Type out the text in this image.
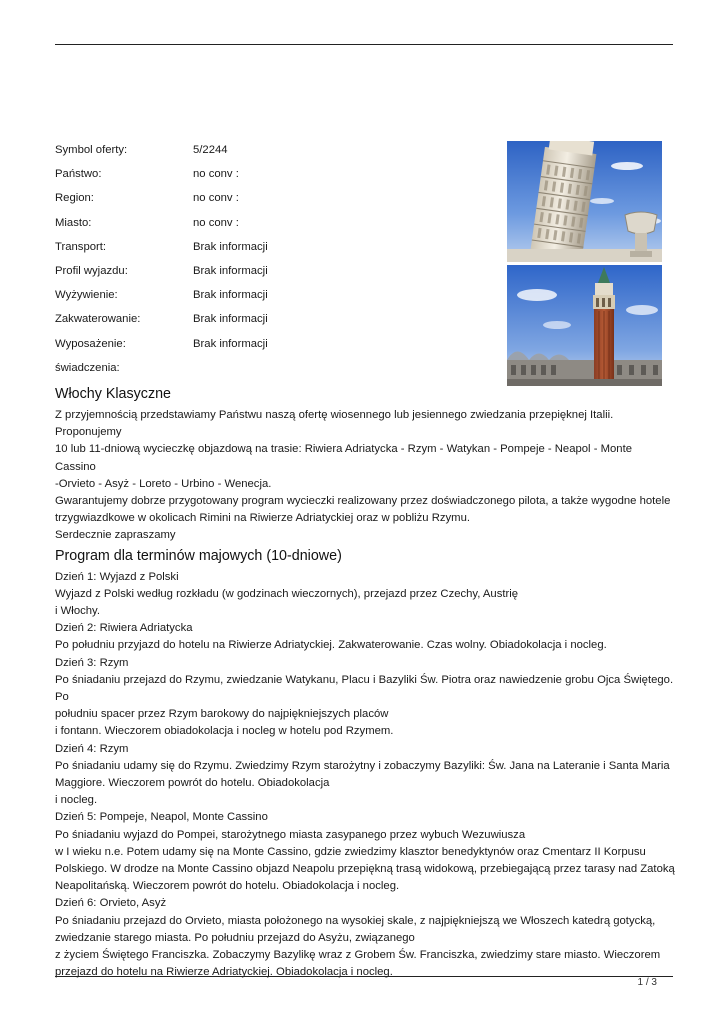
Symbol oferty:	5/2244
Państwo:	no conv :
Region:	no conv :
Miasto:	no conv :
Transport:	Brak informacji
Profil wyjazdu:	Brak informacji
Wyżywienie:	Brak informacji
Zakwaterowanie:	Brak informacji
Wyposażenie:	Brak informacji
świadczenia:
Włochy Klasyczne

Z przyjemnością przedstawiamy Państwu naszą ofertę wiosennego lub jesiennego zwiedzania przepięknej Italii. Proponujemy
10 lub 11-dniową wycieczkę objazdową na trasie: Riwiera Adriatycka - Rzym - Watykan - Pompeje - Neapol - Monte Cassino
-Orvieto - Asyż - Loreto - Urbino - Wenecja.

Gwarantujemy dobrze przygotowany program wycieczki realizowany przez doświadczonego pilota, a także wygodne hotele
trzygwiazdkowe w okolicach Rimini na Riwierze Adriatyckiej oraz w pobliżu Rzymu.

Serdecznie zapraszamy

Program dla terminów majowych (10-dniowe)

Dzień 1: Wyjazd z Polski

Wyjazd z Polski według rozkładu (w godzinach wieczornych), przejazd przez Czechy, Austrię
i Włochy.

Dzień 2: Riwiera Adriatycka

Po południu przyjazd do hotelu na Riwierze Adriatyckiej. Zakwaterowanie. Czas wolny. Obiadokolacja i nocleg.

Dzień 3: Rzym

Po śniadaniu przejazd do Rzymu, zwiedzanie Watykanu, Placu i Bazyliki Św. Piotra oraz nawiedzenie grobu Ojca Świętego. Po
południu spacer przez Rzym barokowy do najpiękniejszych placów
i fontann. Wieczorem obiadokolacja i nocleg w hotelu pod Rzymem.

Dzień 4: Rzym

Po śniadaniu udamy się do Rzymu. Zwiedzimy Rzym starożytny i zobaczymy Bazyliki: Św. Jana na Lateranie i Santa Maria
Maggiore. Wieczorem powrót do hotelu. Obiadokolacja
i nocleg.

Dzień 5: Pompeje, Neapol, Monte Cassino

Po śniadaniu wyjazd do Pompei, starożytnego miasta zasypanego przez wybuch Wezuwiusza
w I wieku n.e. Potem udamy się na Monte Cassino, gdzie zwiedzimy klasztor benedyktynów oraz Cmentarz II Korpusu
Polskiego. W drodze na Monte Cassino objazd Neapolu przepiękną trasą widokową, przebiegającą przez tarasy nad Zatoką
Neapolitańską. Wieczorem powrót do hotelu. Obiadokolacja i nocleg.

Dzień 6: Orvieto, Asyż

Po śniadaniu przejazd do Orvieto, miasta położonego na wysokiej skale, z najpiękniejszą we Włoszech katedrą gotycką,
zwiedzanie starego miasta. Po południu przejazd do Asyżu, związanego
z życiem Świętego Franciszka. Zobaczymy Bazylikę wraz z Grobem Św. Franciszka, zwiedzimy stare miasto. Wieczorem
przejazd do hotelu na Riwierze Adriatyckiej. Obiadokolacja i nocleg.

1 / 3
